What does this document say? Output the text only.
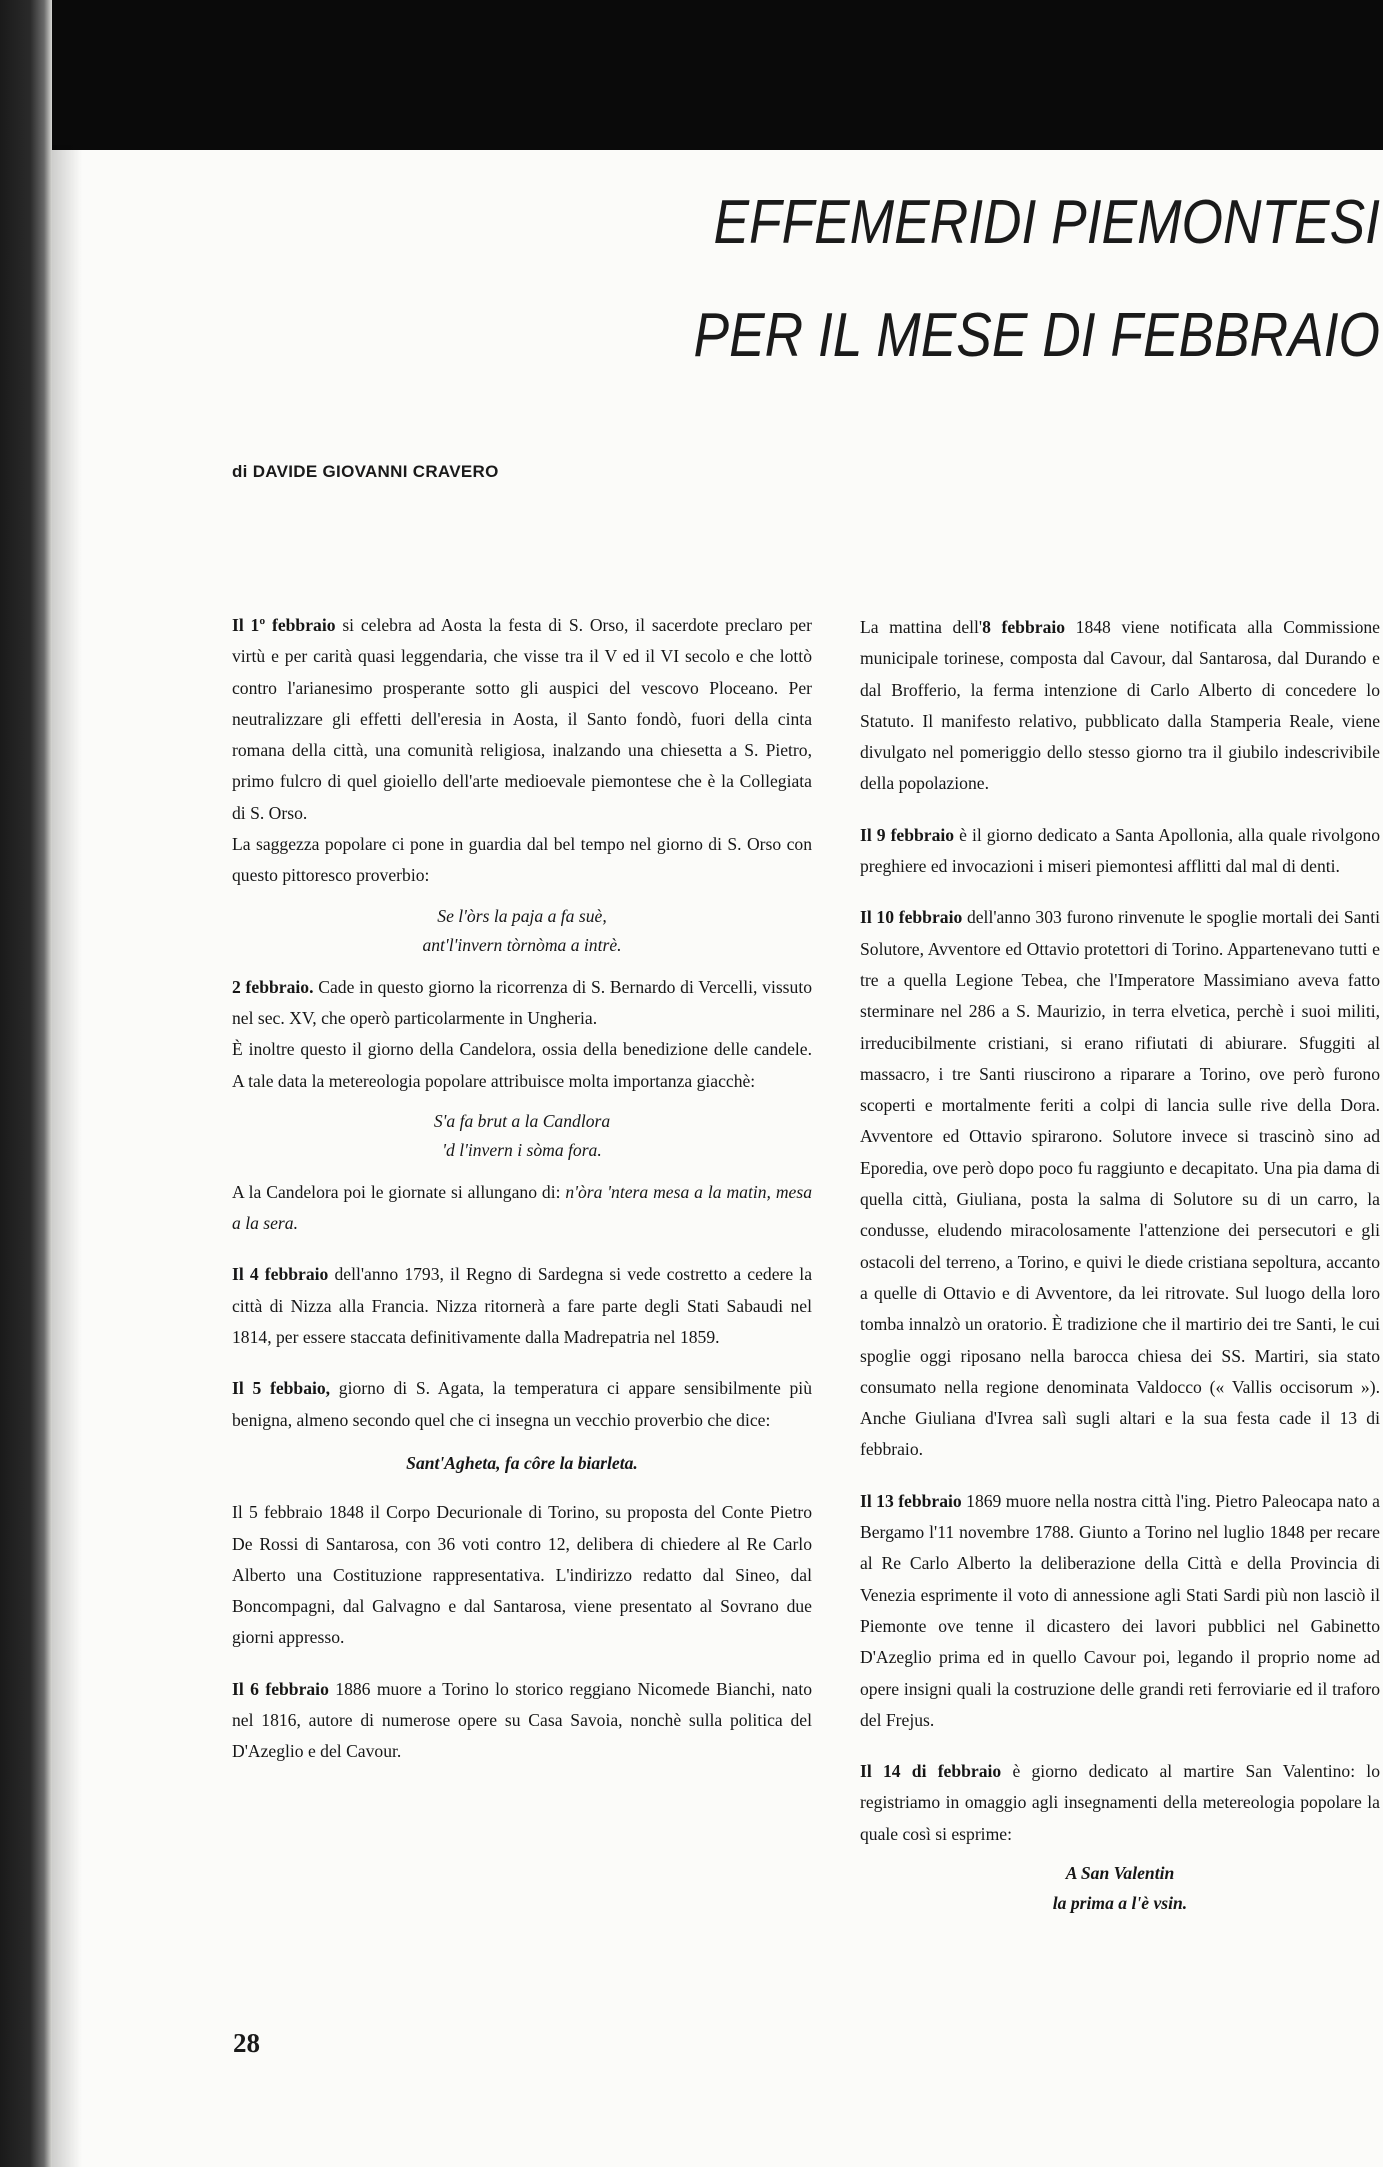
EFFEMERIDI PIEMONTESI
PER IL MESE DI FEBBRAIO

di DAVIDE GIOVANNI CRAVERO

Il 1º febbraio si celebra ad Aosta la festa di S. Orso, il sacerdote preclaro per virtù e per carità quasi leggendaria, che visse tra il V ed il VI secolo e che lottò contro l'arianesimo prosperante sotto gli auspici del vescovo Ploceano. Per neutralizzare gli effetti dell'eresia in Aosta, il Santo fondò, fuori della cinta romana della città, una comunità religiosa, inalzando una chiesetta a S. Pietro, primo fulcro di quel gioiello dell'arte medioevale piemontese che è la Collegiata di S. Orso.

La saggezza popolare ci pone in guardia dal bel tempo nel giorno di S. Orso con questo pittoresco proverbio:

Se l'òrs la paja a fa suè,
ant'l'invern tòrnòma a intrè.

2 febbraio. Cade in questo giorno la ricorrenza di S. Bernardo di Vercelli, vissuto nel sec. XV, che operò particolarmente in Ungheria.

È inoltre questo il giorno della Candelora, ossia della benedizione delle candele. A tale data la metereologia popolare attribuisce molta importanza giacchè:

S'a fa brut a la Candlora
'd l'invern i sòma fora.

A la Candelora poi le giornate si allungano di: n'òra 'ntera mesa a la matin, mesa a la sera.

Il 4 febbraio dell'anno 1793, il Regno di Sardegna si vede costretto a cedere la città di Nizza alla Francia. Nizza ritornerà a fare parte degli Stati Sabaudi nel 1814, per essere staccata definitivamente dalla Madrepatria nel 1859.

Il 5 febbaio, giorno di S. Agata, la temperatura ci appare sensibilmente più benigna, almeno secondo quel che ci insegna un vecchio proverbio che dice:

Sant'Agheta, fa côre la biarleta.

Il 5 febbraio 1848 il Corpo Decurionale di Torino, su proposta del Conte Pietro De Rossi di Santarosa, con 36 voti contro 12, delibera di chiedere al Re Carlo Alberto una Costituzione rappresentativa. L'indirizzo redatto dal Sineo, dal Boncompagni, dal Galvagno e dal Santarosa, viene presentato al Sovrano due giorni appresso.

Il 6 febbraio 1886 muore a Torino lo storico reggiano Nicomede Bianchi, nato nel 1816, autore di numerose opere su Casa Savoia, nonchè sulla politica del D'Azeglio e del Cavour.

La mattina dell'8 febbraio 1848 viene notificata alla Commissione municipale torinese, composta dal Cavour, dal Santarosa, dal Durando e dal Brofferio, la ferma intenzione di Carlo Alberto di concedere lo Statuto. Il manifesto relativo, pubblicato dalla Stamperia Reale, viene divulgato nel pomeriggio dello stesso giorno tra il giubilo indescrivibile della popolazione.

Il 9 febbraio è il giorno dedicato a Santa Apollonia, alla quale rivolgono preghiere ed invocazioni i miseri piemontesi afflitti dal mal di denti.

Il 10 febbraio dell'anno 303 furono rinvenute le spoglie mortali dei Santi Solutore, Avventore ed Ottavio protettori di Torino. Appartenevano tutti e tre a quella Legione Tebea, che l'Imperatore Massimiano aveva fatto sterminare nel 286 a S. Maurizio, in terra elvetica, perchè i suoi militi, irreducibilmente cristiani, si erano rifiutati di abiurare. Sfuggiti al massacro, i tre Santi riuscirono a riparare a Torino, ove però furono scoperti e mortalmente feriti a colpi di lancia sulle rive della Dora. Avventore ed Ottavio spirarono. Solutore invece si trascinò sino ad Eporedia, ove però dopo poco fu raggiunto e decapitato. Una pia dama di quella città, Giuliana, posta la salma di Solutore su di un carro, la condusse, eludendo miracolosamente l'attenzione dei persecutori e gli ostacoli del terreno, a Torino, e quivi le diede cristiana sepoltura, accanto a quelle di Ottavio e di Avventore, da lei ritrovate. Sul luogo della loro tomba innalzò un oratorio. È tradizione che il martirio dei tre Santi, le cui spoglie oggi riposano nella barocca chiesa dei SS. Martiri, sia stato consumato nella regione denominata Valdocco (« Vallis occisorum »). Anche Giuliana d'Ivrea salì sugli altari e la sua festa cade il 13 di febbraio.

Il 13 febbraio 1869 muore nella nostra città l'ing. Pietro Paleocapa nato a Bergamo l'11 novembre 1788. Giunto a Torino nel luglio 1848 per recare al Re Carlo Alberto la deliberazione della Città e della Provincia di Venezia esprimente il voto di annessione agli Stati Sardi più non lasciò il Piemonte ove tenne il dicastero dei lavori pubblici nel Gabinetto D'Azeglio prima ed in quello Cavour poi, legando il proprio nome ad opere insigni quali la costruzione delle grandi reti ferroviarie ed il traforo del Frejus.

Il 14 di febbraio è giorno dedicato al martire San Valentino: lo registriamo in omaggio agli insegnamenti della metereologia popolare la quale così si esprime:

A San Valentin
la prima a l'è vsin.

28
